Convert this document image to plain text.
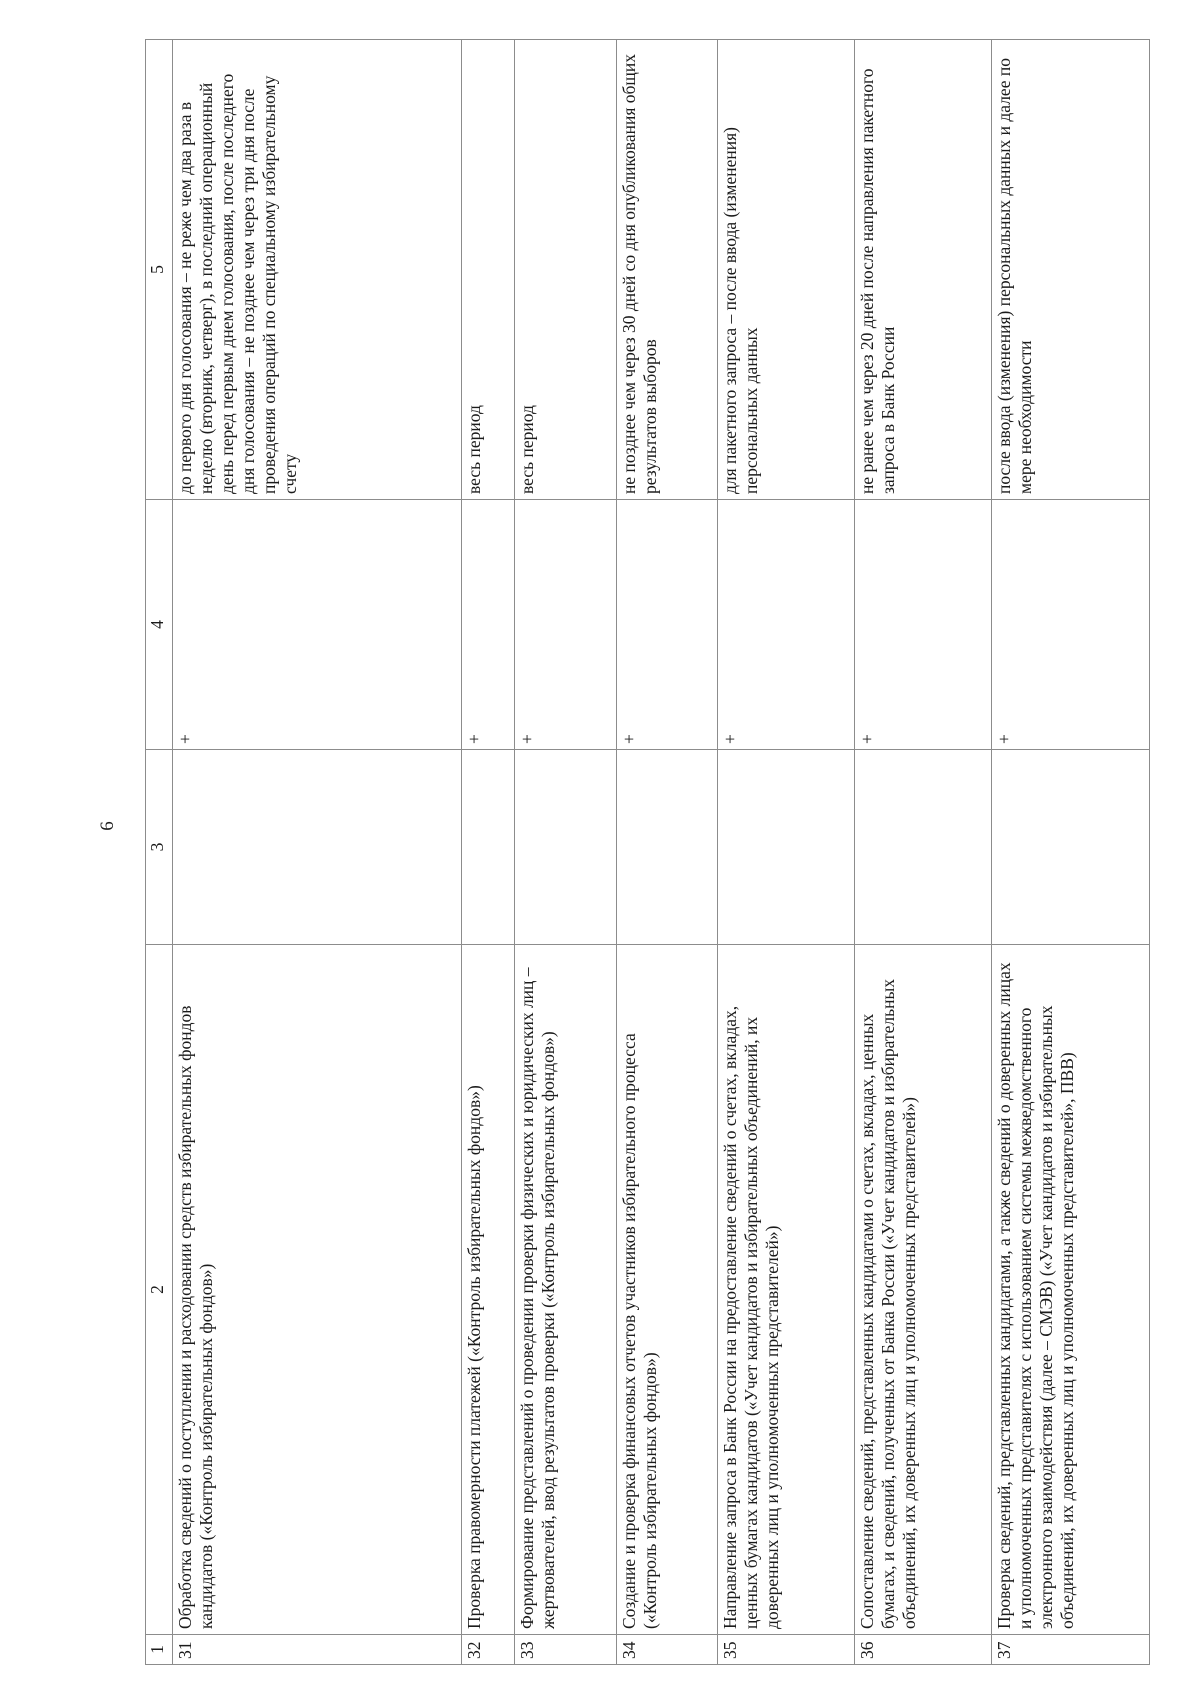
6
1	2	3	4	5
31	Обработка сведений о поступлении и расходовании средств избирательных фондов кандидатов («Контроль избирательных фондов»)		+	до первого дня голосования – не реже чем два раза в неделю (вторник, четверг), в последний операционный день перед первым днем голосования, после последнего дня голосования – не позднее чем через три дня после проведения операций по специальному избирательному счету
32	Проверка правомерности платежей («Контроль избирательных фондов»)		+	весь период
33	Формирование представлений о проведении проверки физических и юридических лиц – жертвователей, ввод результатов проверки («Контроль избирательных фондов»)		+	весь период
34	Создание и проверка финансовых отчетов участников избирательного процесса («Контроль избирательных фондов»)		+	не позднее чем через 30 дней со дня опубликования общих результатов выборов
35	Направление запроса в Банк России на предоставление сведений о счетах, вкладах, ценных бумагах кандидатов («Учет кандидатов и избирательных объединений, их доверенных лиц и уполномоченных представителей»)		+	для пакетного запроса – после ввода (изменения) персональных данных
36	Сопоставление сведений, представленных кандидатами о счетах, вкладах, ценных бумагах, и сведений, полученных от Банка России («Учет кандидатов и избирательных объединений, их доверенных лиц и уполномоченных представителей»)		+	не ранее чем через 20 дней после направления пакетного запроса в Банк России
37	Проверка сведений, представленных кандидатами, а также сведений о доверенных лицах и уполномоченных представителях с использованием системы межведомственного электронного взаимодействия (далее – СМЭВ) («Учет кандидатов и избирательных объединений, их доверенных лиц и уполномоченных представителей», ПВВ)		+	после ввода (изменения) персональных данных и далее по мере необходимости
